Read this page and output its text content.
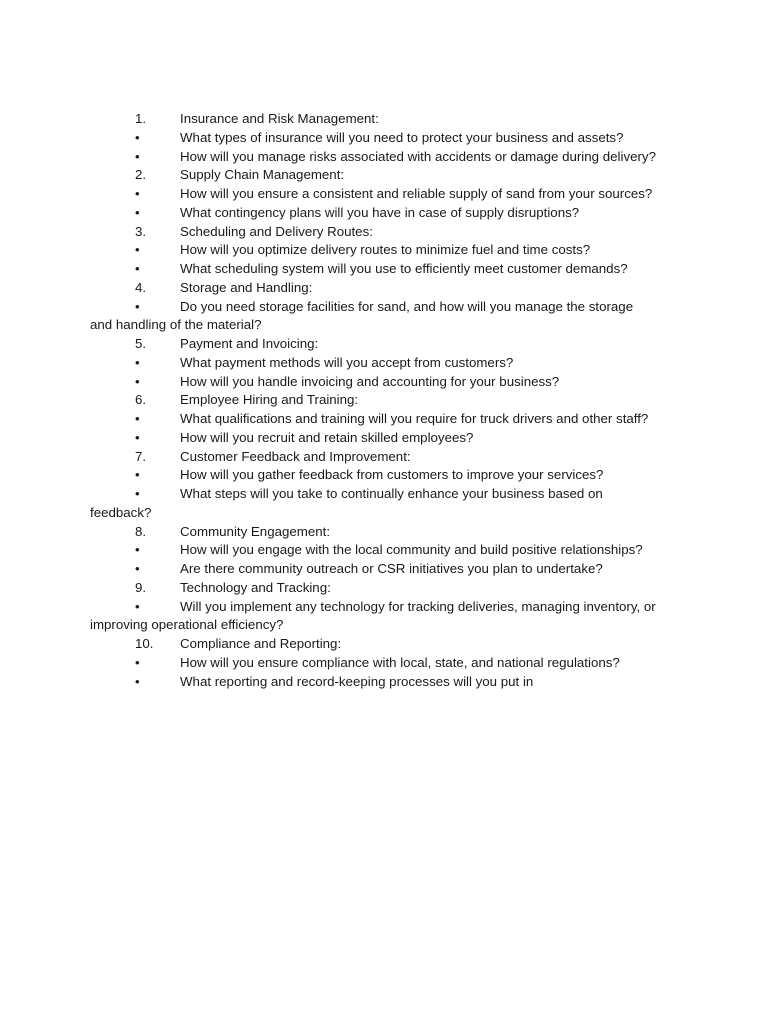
1.	Insurance and Risk Management:
•	What types of insurance will you need to protect your business and assets?
•	How will you manage risks associated with accidents or damage during delivery?
2.	Supply Chain Management:
•	How will you ensure a consistent and reliable supply of sand from your sources?
•	What contingency plans will you have in case of supply disruptions?
3.	Scheduling and Delivery Routes:
•	How will you optimize delivery routes to minimize fuel and time costs?
•	What scheduling system will you use to efficiently meet customer demands?
4.	Storage and Handling:
•	Do you need storage facilities for sand, and how will you manage the storage
and handling of the material?
5.	Payment and Invoicing:
•	What payment methods will you accept from customers?
•	How will you handle invoicing and accounting for your business?
6.	Employee Hiring and Training:
•	What qualifications and training will you require for truck drivers and other staff?
•	How will you recruit and retain skilled employees?
7.	Customer Feedback and Improvement:
•	How will you gather feedback from customers to improve your services?
•	What steps will you take to continually enhance your business based on
feedback?
8.	Community Engagement:
•	How will you engage with the local community and build positive relationships?
•	Are there community outreach or CSR initiatives you plan to undertake?
9.	Technology and Tracking:
•	Will you implement any technology for tracking deliveries, managing inventory, or
improving operational efficiency?
10. Compliance and Reporting:
•	How will you ensure compliance with local, state, and national regulations?
•	What reporting and record-keeping processes will you put in
